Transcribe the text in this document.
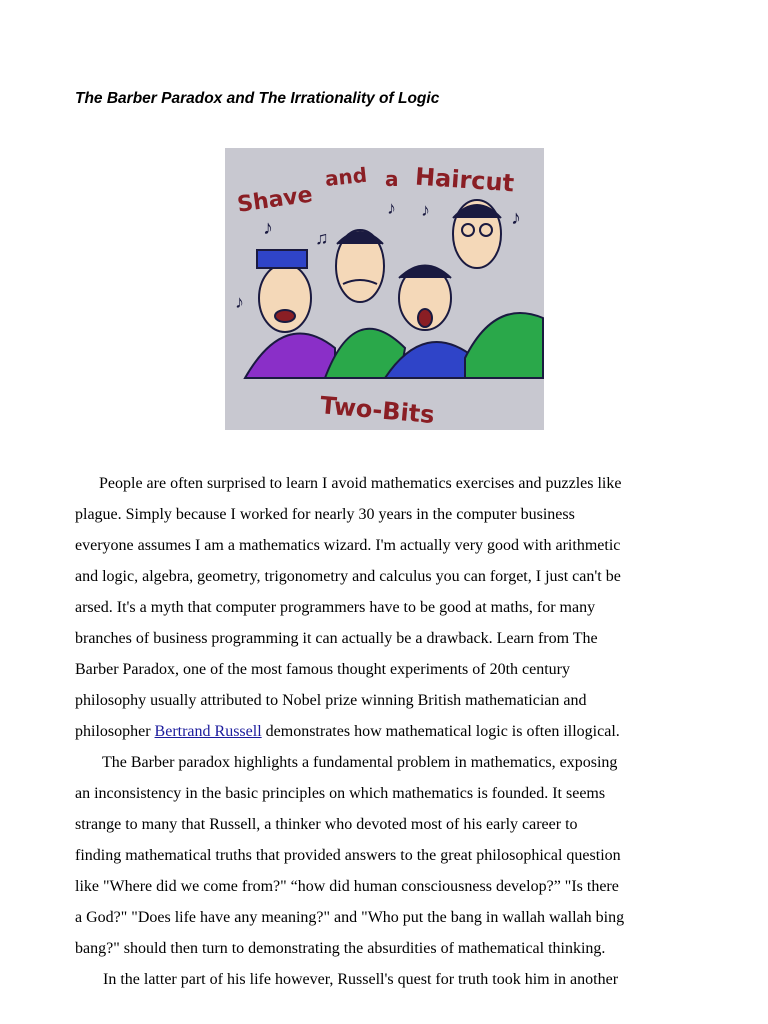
The Barber Paradox and The Irrationality of Logic
Shave
and a Haircut
♪ ♫
♪ ♪	♪
♪
Two-Bits
People are often surprised to learn I avoid mathematics exercises and puzzles like
plague. Simply because I worked for nearly 30 years in the computer business
everyone assumes I am a mathematics wizard. I'm actually very good with arithmetic
and logic, algebra, geometry, trigonometry and calculus you can forget, I just can't be
arsed. It's a myth that computer programmers have to be good at maths, for many
branches of business programming it can actually be a drawback. Learn from The
Barber Paradox, one of the most famous thought experiments of 20th century
philosophy usually attributed to Nobel prize winning British mathematician and
philosopher Bertrand Russell demonstrates how mathematical logic is often illogical.
The Barber paradox highlights a fundamental problem in mathematics, exposing
an inconsistency in the basic principles on which mathematics is founded. It seems
strange to many that Russell, a thinker who devoted most of his early career to
finding mathematical truths that provided answers to the great philosophical question
like "Where did we come from?" “how did human consciousness develop?” "Is there
a God?" "Does life have any meaning?" and "Who put the bang in wallah wallah bing
bang?" should then turn to demonstrating the absurdities of mathematical thinking.
In the latter part of his life however, Russell's quest for truth took him in another
